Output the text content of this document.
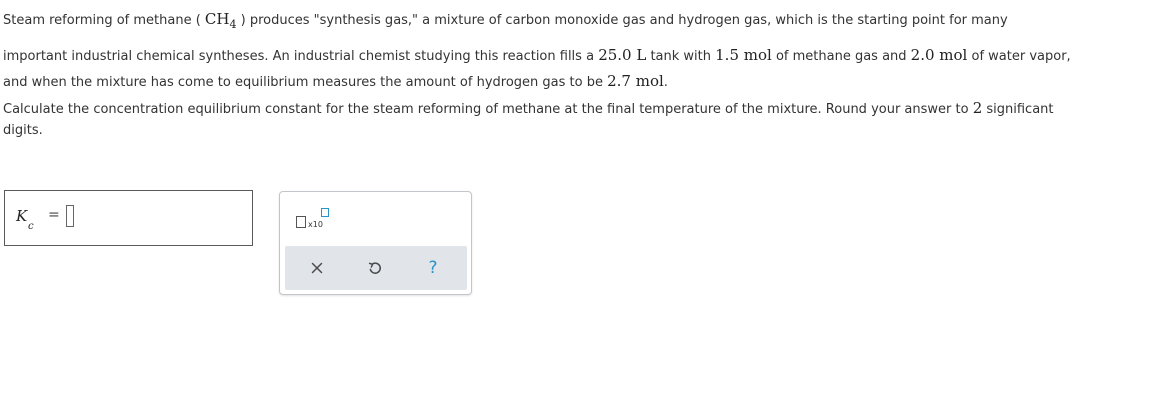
Steam reforming of methane ( $CH_4$ ) produces "synthesis gas," a mixture of carbon monoxide gas and hydrogen gas, which is the starting point for many

important industrial chemical syntheses. An industrial chemist studying this reaction fills a 25.0 L tank with 1.5 mol of methane gas and 2.0 mol of water vapor,

and when the mixture has come to equilibrium measures the amount of hydrogen gas to be 2.7 mol.

Calculate the concentration equilibrium constant for the steam reforming of methane at the final temperature of the mixture. Round your answer to 2 significant

digits.

K
c
=
x10
?
